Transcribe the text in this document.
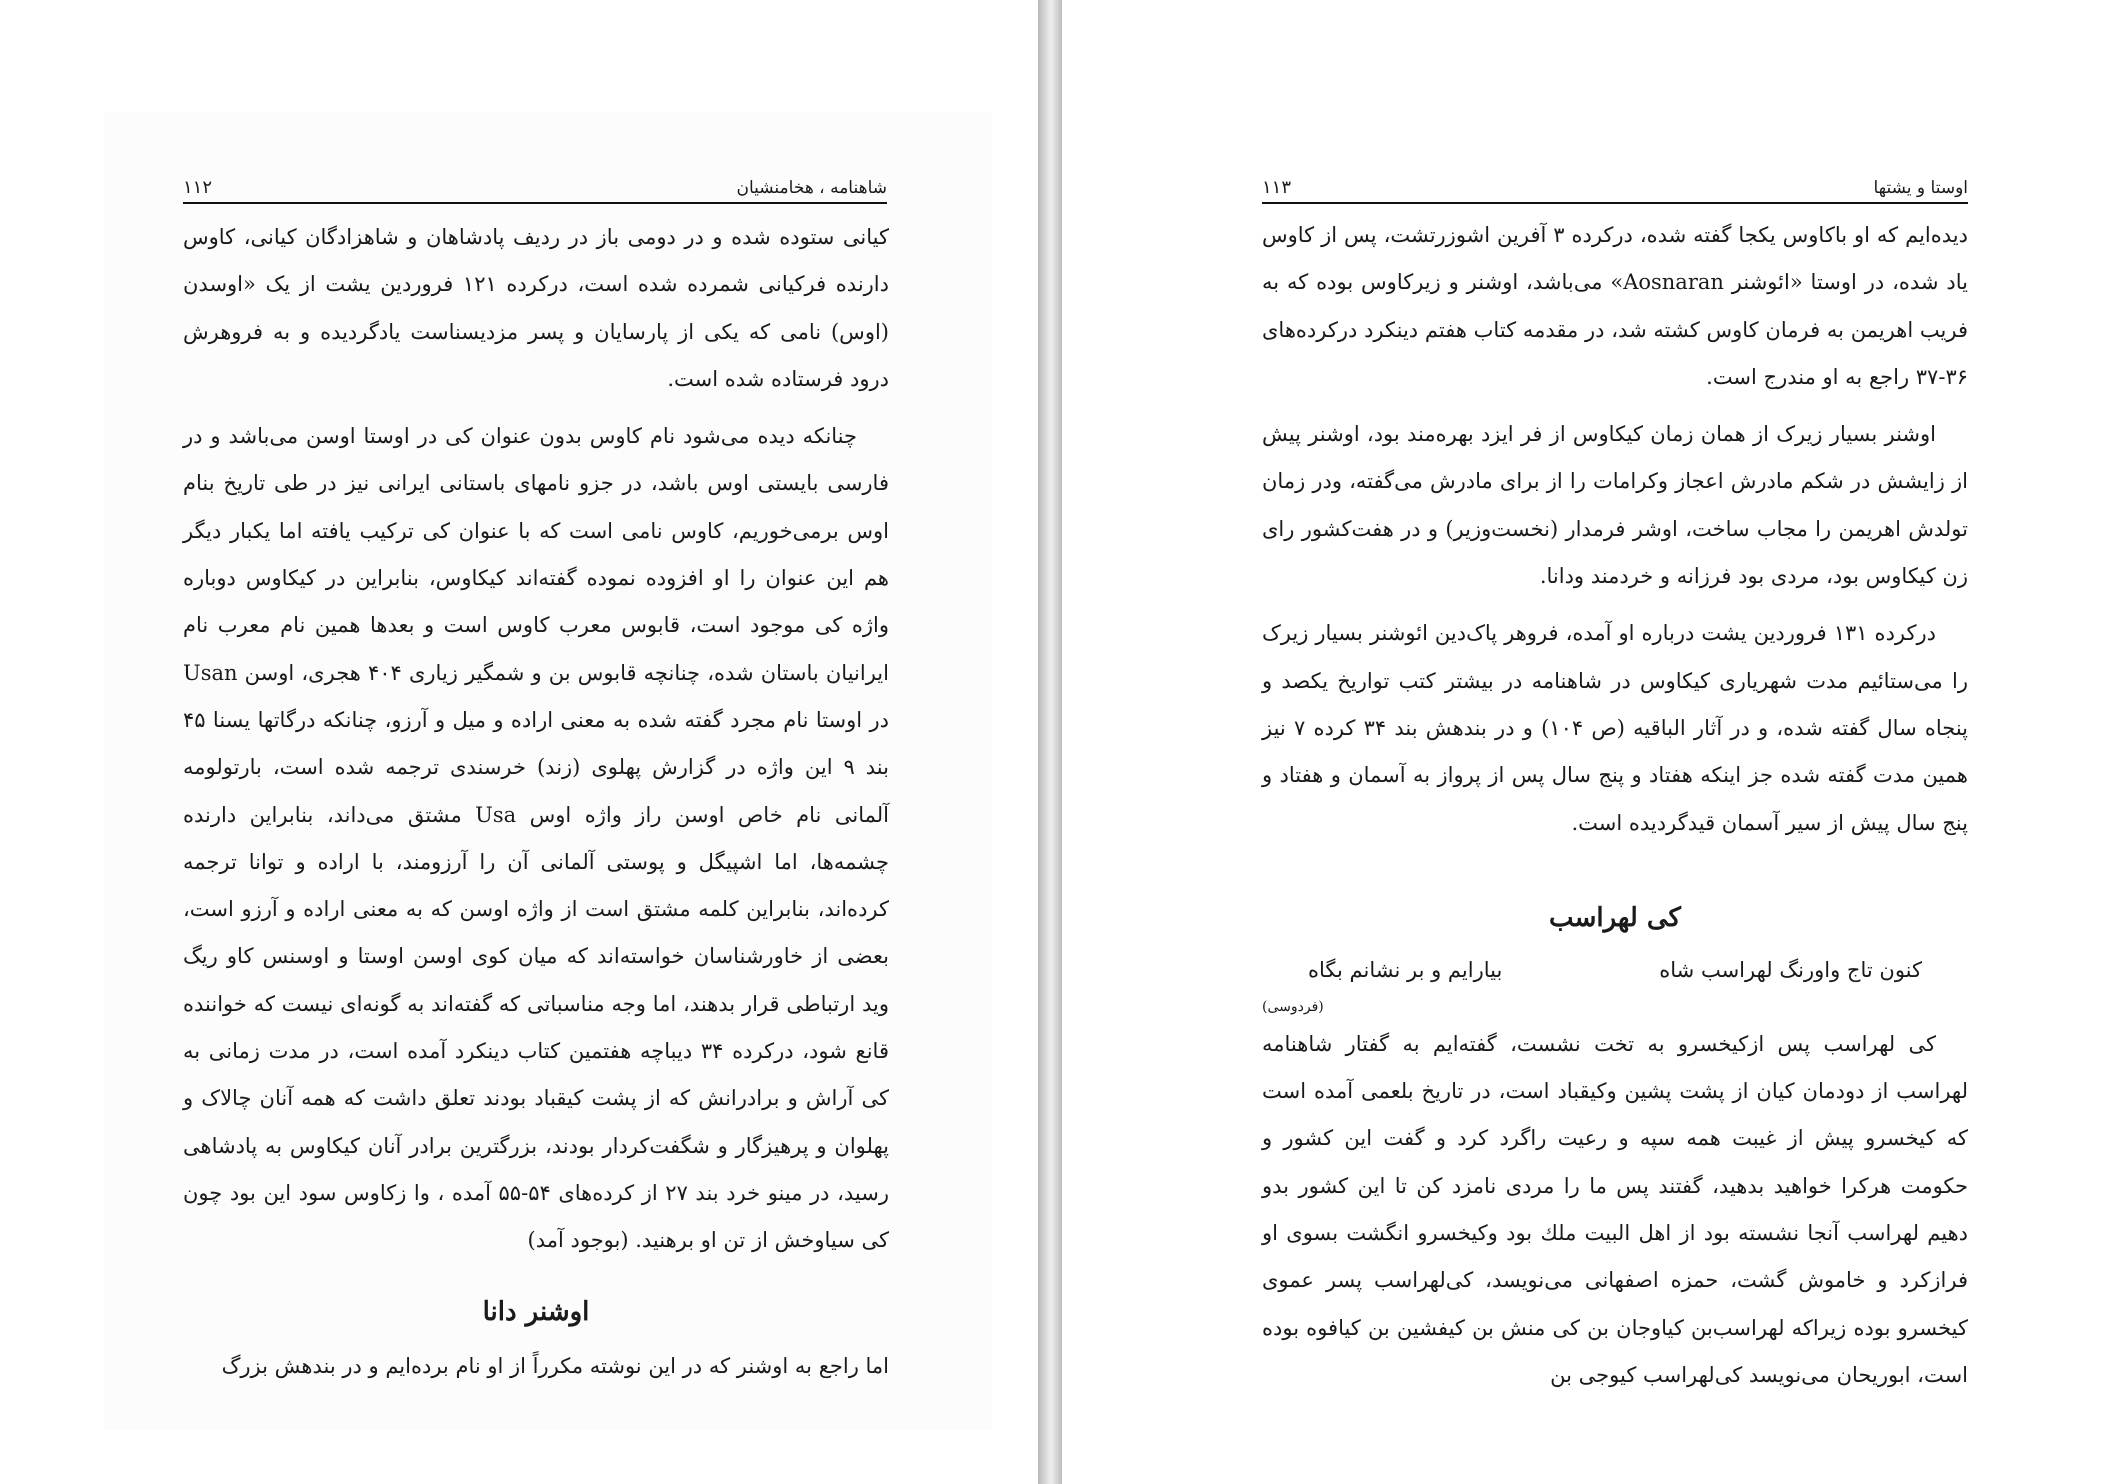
۱۱۲	شاهنامه ، هخامنشیان

کیانی ستوده شده و در دومی باز در ردیف پادشاهان و شاهزادگان کیانی، کاوس دارنده فرکیانی شمرده شده است، درکرده ۱۲۱ فروردین یشت از یک «اوسدن (اوس) نامی که یکی از پارسایان و پسر مزدیسناست یادگردیده و به فروهرش درود فرستاده شده است.

چنانکه دیده می‌شود نام کاوس بدون عنوان کی در اوستا اوسن می‌باشد و در فارسی بایستی اوس باشد، در جزو نامهای باستانی ایرانی نیز در طی تاریخ بنام اوس برمی‌خوریم، کاوس نامی است که با عنوان کی ترکیب یافته اما یکبار دیگر هم این عنوان را او افزوده نموده گفته‌اند کیکاوس، بنابراین در کیکاوس دوباره واژه کی موجود است، قابوس معرب کاوس است و بعدها همین نام معرب نام ایرانیان باستان شده، چنانچه قابوس بن و شمگیر زیاری ۴۰۴ هجری، اوسن Usan در اوستا نام مجرد گفته شده به معنی اراده و میل و آرزو، چنانکه درگاتها یسنا ۴۵ بند ۹ این واژه در گزارش پهلوی (زند) خرسندی ترجمه شده است، بارتولومه آلمانی نام خاص اوسن راز واژه اوس Usa مشتق می‌داند، بنابراین دارنده چشمه‌ها، اما اشپیگل و پوستی آلمانی آن را آرزومند، با اراده و توانا ترجمه کرده‌اند، بنابراین کلمه مشتق است از واژه اوسن که به معنی اراده و آرزو است، بعضی از خاورشناسان خواسته‌اند که میان کوی اوسن اوستا و اوسنس کاو ریگ وید ارتباطی قرار بدهند، اما وجه مناسباتی که گفته‌اند به گونه‌ای نیست که خواننده قانع شود، درکرده ۳۴ دیباچه هفتمین کتاب دینکرد آمده است، در مدت زمانی به کی آراش و برادرانش که از پشت کیقباد بودند تعلق داشت که همه آنان چالاک و پهلوان و پرهیزگار و شگفت‌کردار بودند، بزرگترین برادر آنان کیکاوس به پادشاهی رسید، در مینو خرد بند ۲۷ از کرده‌های ۵۴-۵۵ آمده ، وا زکاوس سود این بود چون کی سیاوخش از تن او برهنید. (بوجود آمد)

اوشنر دانا

اما راجع به اوشنر که در این نوشته مکرراً از او نام برده‌ایم و در بندهش بزرگ

۱۱۳	اوستا و یشتها

دیده‌ایم که او باکاوس یکجا گفته شده، درکرده ۳ آفرین اشوزرتشت، پس از کاوس یاد شده، در اوستا «ائوشنر Aosnaran» می‌باشد، اوشنر و زیرکاوس بوده که به فریب اهریمن به فرمان کاوس کشته شد، در مقدمه کتاب هفتم دینکرد درکرده‌های ۳۶-۳۷ راجع به او مندرج است.

اوشنر بسیار زیرک از همان زمان کیکاوس از فر ایزد بهره‌مند بود، اوشنر پیش از زایشش در شکم مادرش اعجاز وکرامات را از برای مادرش می‌گفته، ودر زمان تولدش اهریمن را مجاب ساخت، اوشر فرمدار (نخست‌وزیر) و در هفت‌کشور رای زن کیکاوس بود، مردی بود فرزانه و خردمند ودانا.

درکرده ۱۳۱ فروردین یشت درباره او آمده، فروهر پاک‌دین ائوشنر بسیار زیرک را می‌ستائیم مدت شهریاری کیکاوس در شاهنامه در بیشتر کتب تواریخ یکصد و پنجاه سال گفته شده، و در آثار الباقیه (ص ۱۰۴) و در بندهش بند ۳۴ کرده ۷ نیز همین مدت گفته شده جز اینکه هفتاد و پنج سال پس از پرواز به آسمان و هفتاد و پنج سال پیش از سیر آسمان قیدگردیده است.

کی لهراسب
کنون تاج واورنگ لهراسب شاه
بیارایم و بر نشانم بگاه
(فردوسی)

کی لهراسب پس ازکیخسرو به تخت نشست، گفته‌ایم به گفتار شاهنامه لهراسب از دودمان کیان از پشت پشین وکیقباد است، در تاریخ بلعمی آمده است که کیخسرو پیش از غیبت همه سپه و رعیت راگرد کرد و گفت این کشور و حکومت هرکرا خواهید بدهید، گفتند پس ما را مردی نامزد کن تا این کشور بدو دهیم لهراسب آنجا نشسته بود از اهل البیت ملك بود وکیخسرو انگشت بسوی او فرازکرد و خاموش گشت، حمزه اصفهانی می‌نویسد، کی‌لهراسب پسر عموی کیخسرو بوده زیراکه لهراسب‌بن کیاوجان بن کی منش بن کیفشین بن کیافوه بوده است، ابوریحان می‌نویسد کی‌لهراسب کیوجی بن
